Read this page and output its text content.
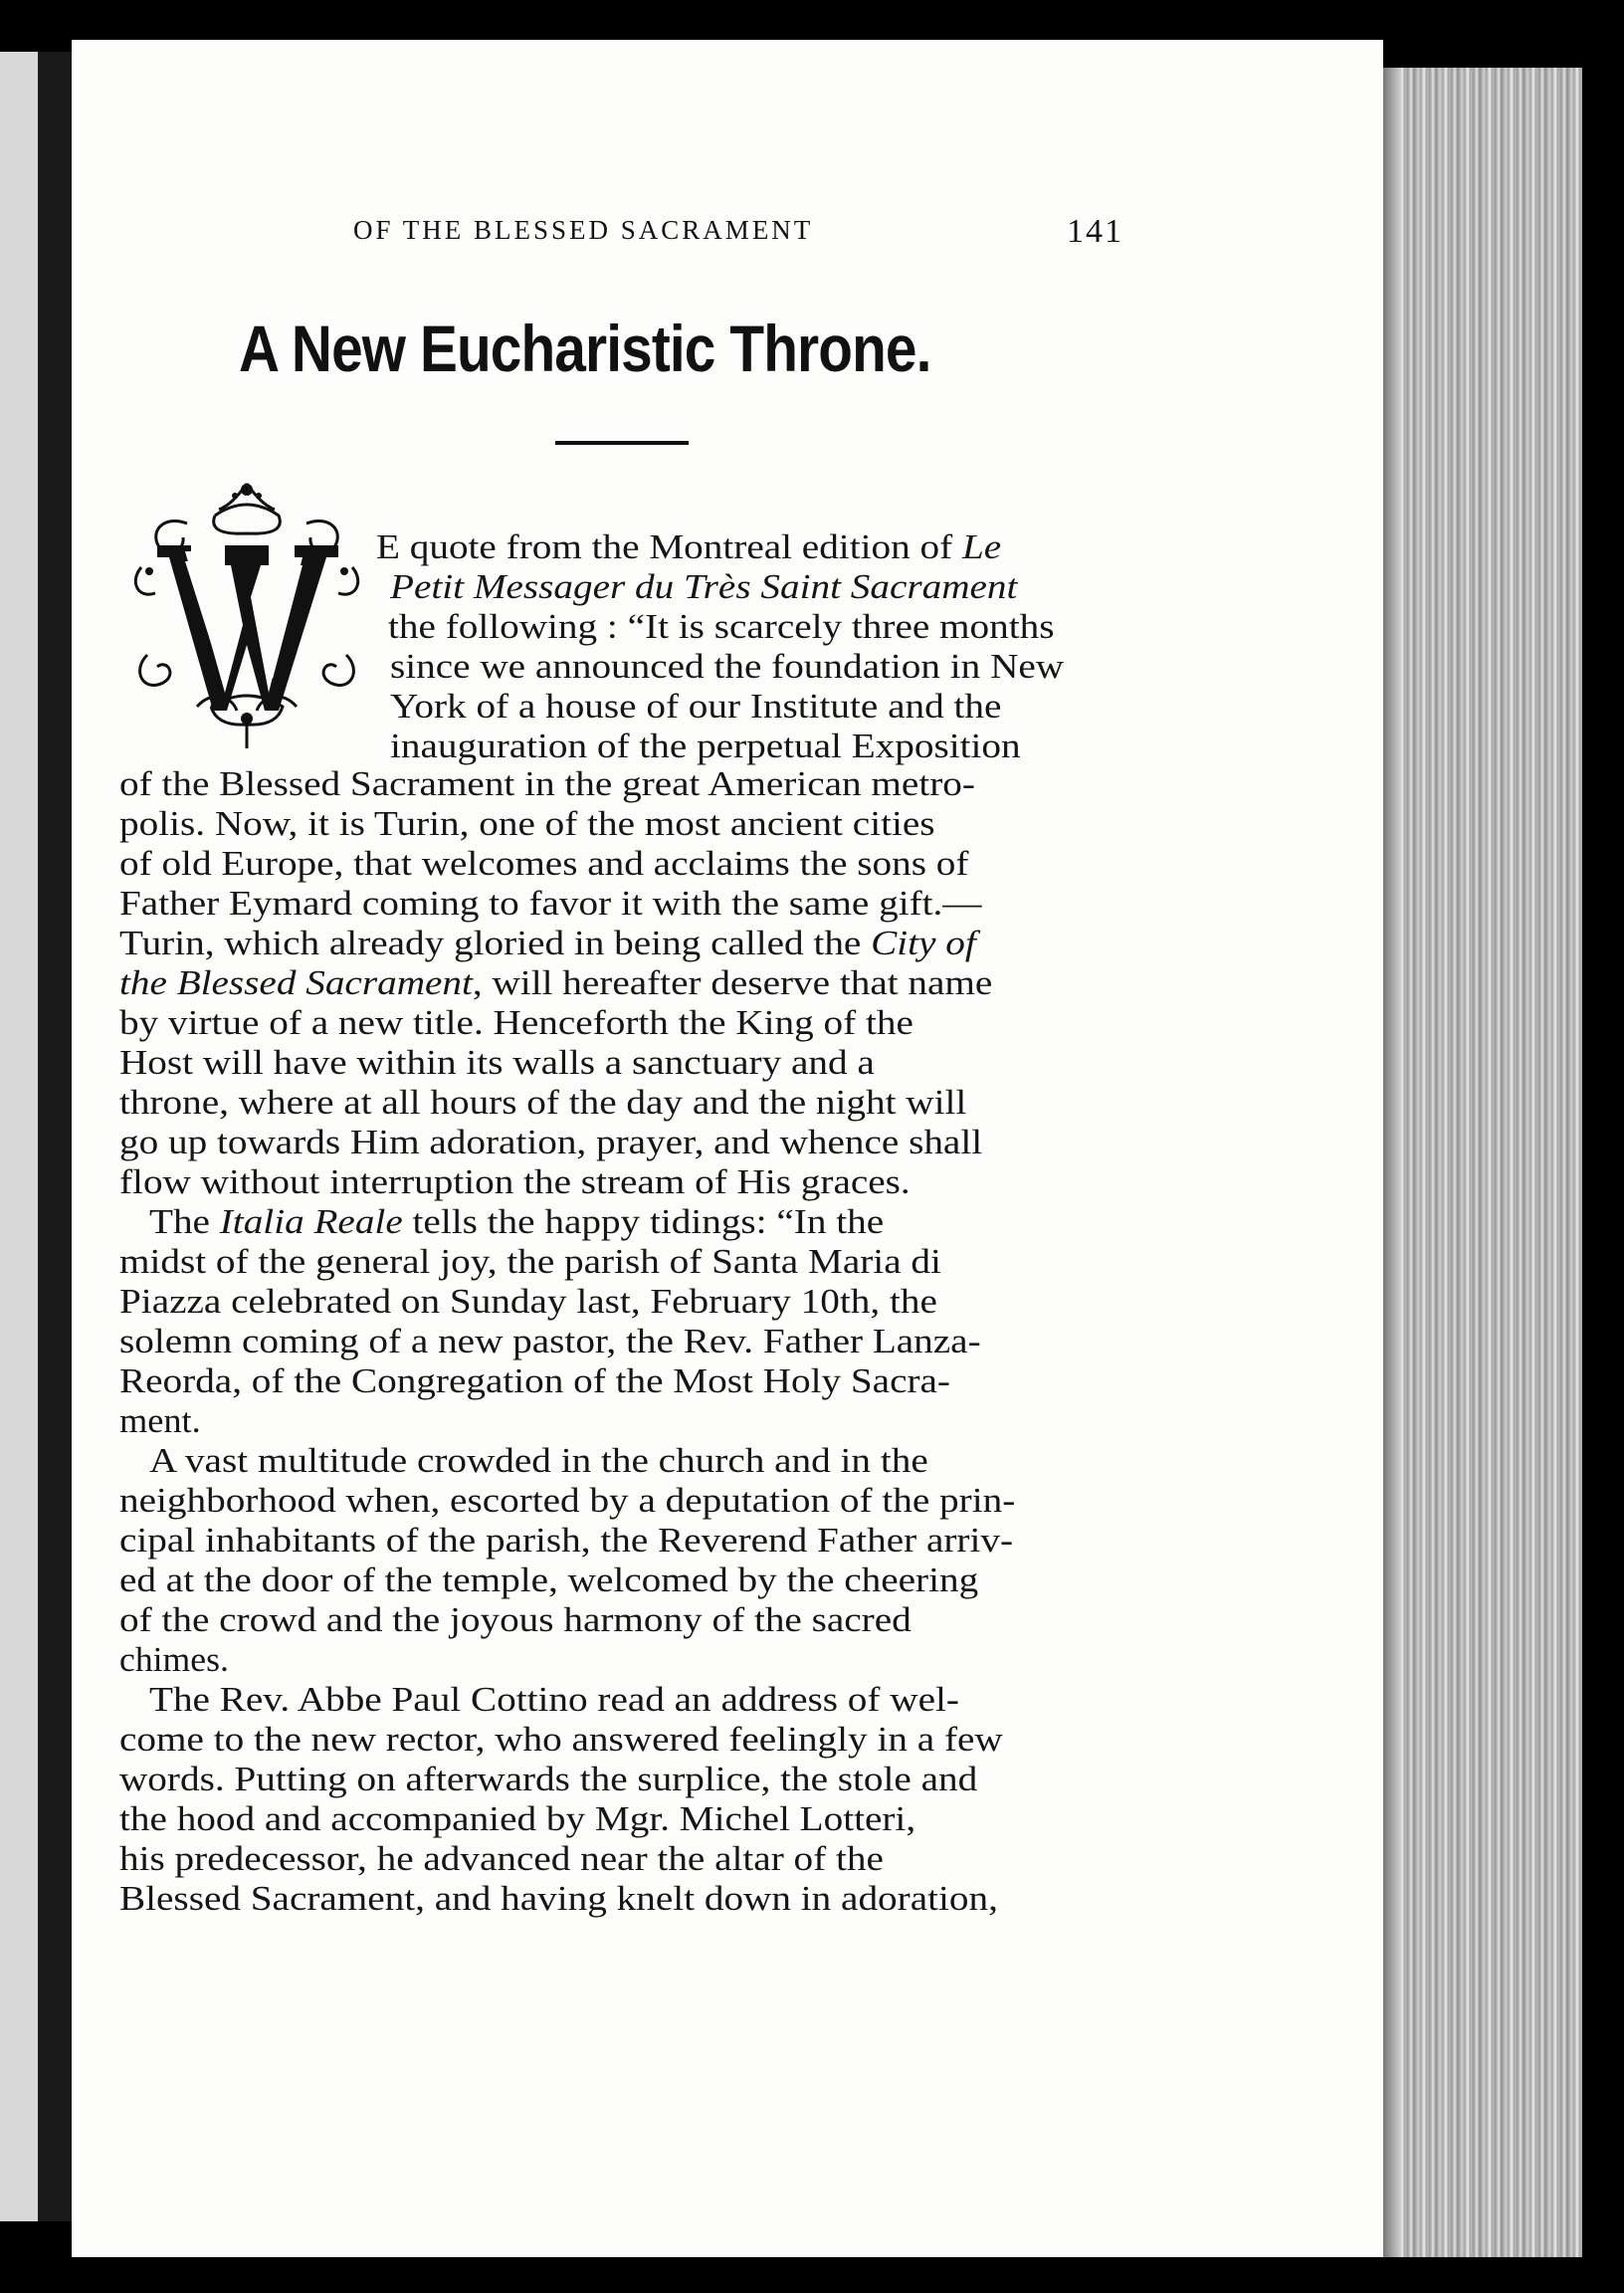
OF THE BLESSED SACRAMENT	141
A New Eucharistic Throne.
E quote from the Montreal edition of Le
Petit Messager du Très Saint Sacrament
the following : “It is scarcely three months
since we announced the foundation in New
York of a house of our Institute and the
inauguration of the perpetual Exposition
of the Blessed Sacrament in the great American metro-
polis. Now, it is Turin, one of the most ancient cities
of old Europe, that welcomes and acclaims the sons of
Father Eymard coming to favor it with the same gift.—
Turin, which already gloried in being called the City of
the Blessed Sacrament, will hereafter deserve that name
by virtue of a new title. Henceforth the King of the
Host will have within its walls a sanctuary and a
throne, where at all hours of the day and the night will
go up towards Him adoration, prayer, and whence shall
flow without interruption the stream of His graces.
The Italia Reale tells the happy tidings: “In the
midst of the general joy, the parish of Santa Maria di
Piazza celebrated on Sunday last, February 10th, the
solemn coming of a new pastor, the Rev. Father Lanza-
Reorda, of the Congregation of the Most Holy Sacra-
ment.
A vast multitude crowded in the church and in the
neighborhood when, escorted by a deputation of the prin-
cipal inhabitants of the parish, the Reverend Father arriv-
ed at the door of the temple, welcomed by the cheering
of the crowd and the joyous harmony of the sacred
chimes.
The Rev. Abbe Paul Cottino read an address of wel-
come to the new rector, who answered feelingly in a few
words. Putting on afterwards the surplice, the stole and
the hood and accompanied by Mgr. Michel Lotteri,
his predecessor, he advanced near the altar of the
Blessed Sacrament, and having knelt down in adoration,
